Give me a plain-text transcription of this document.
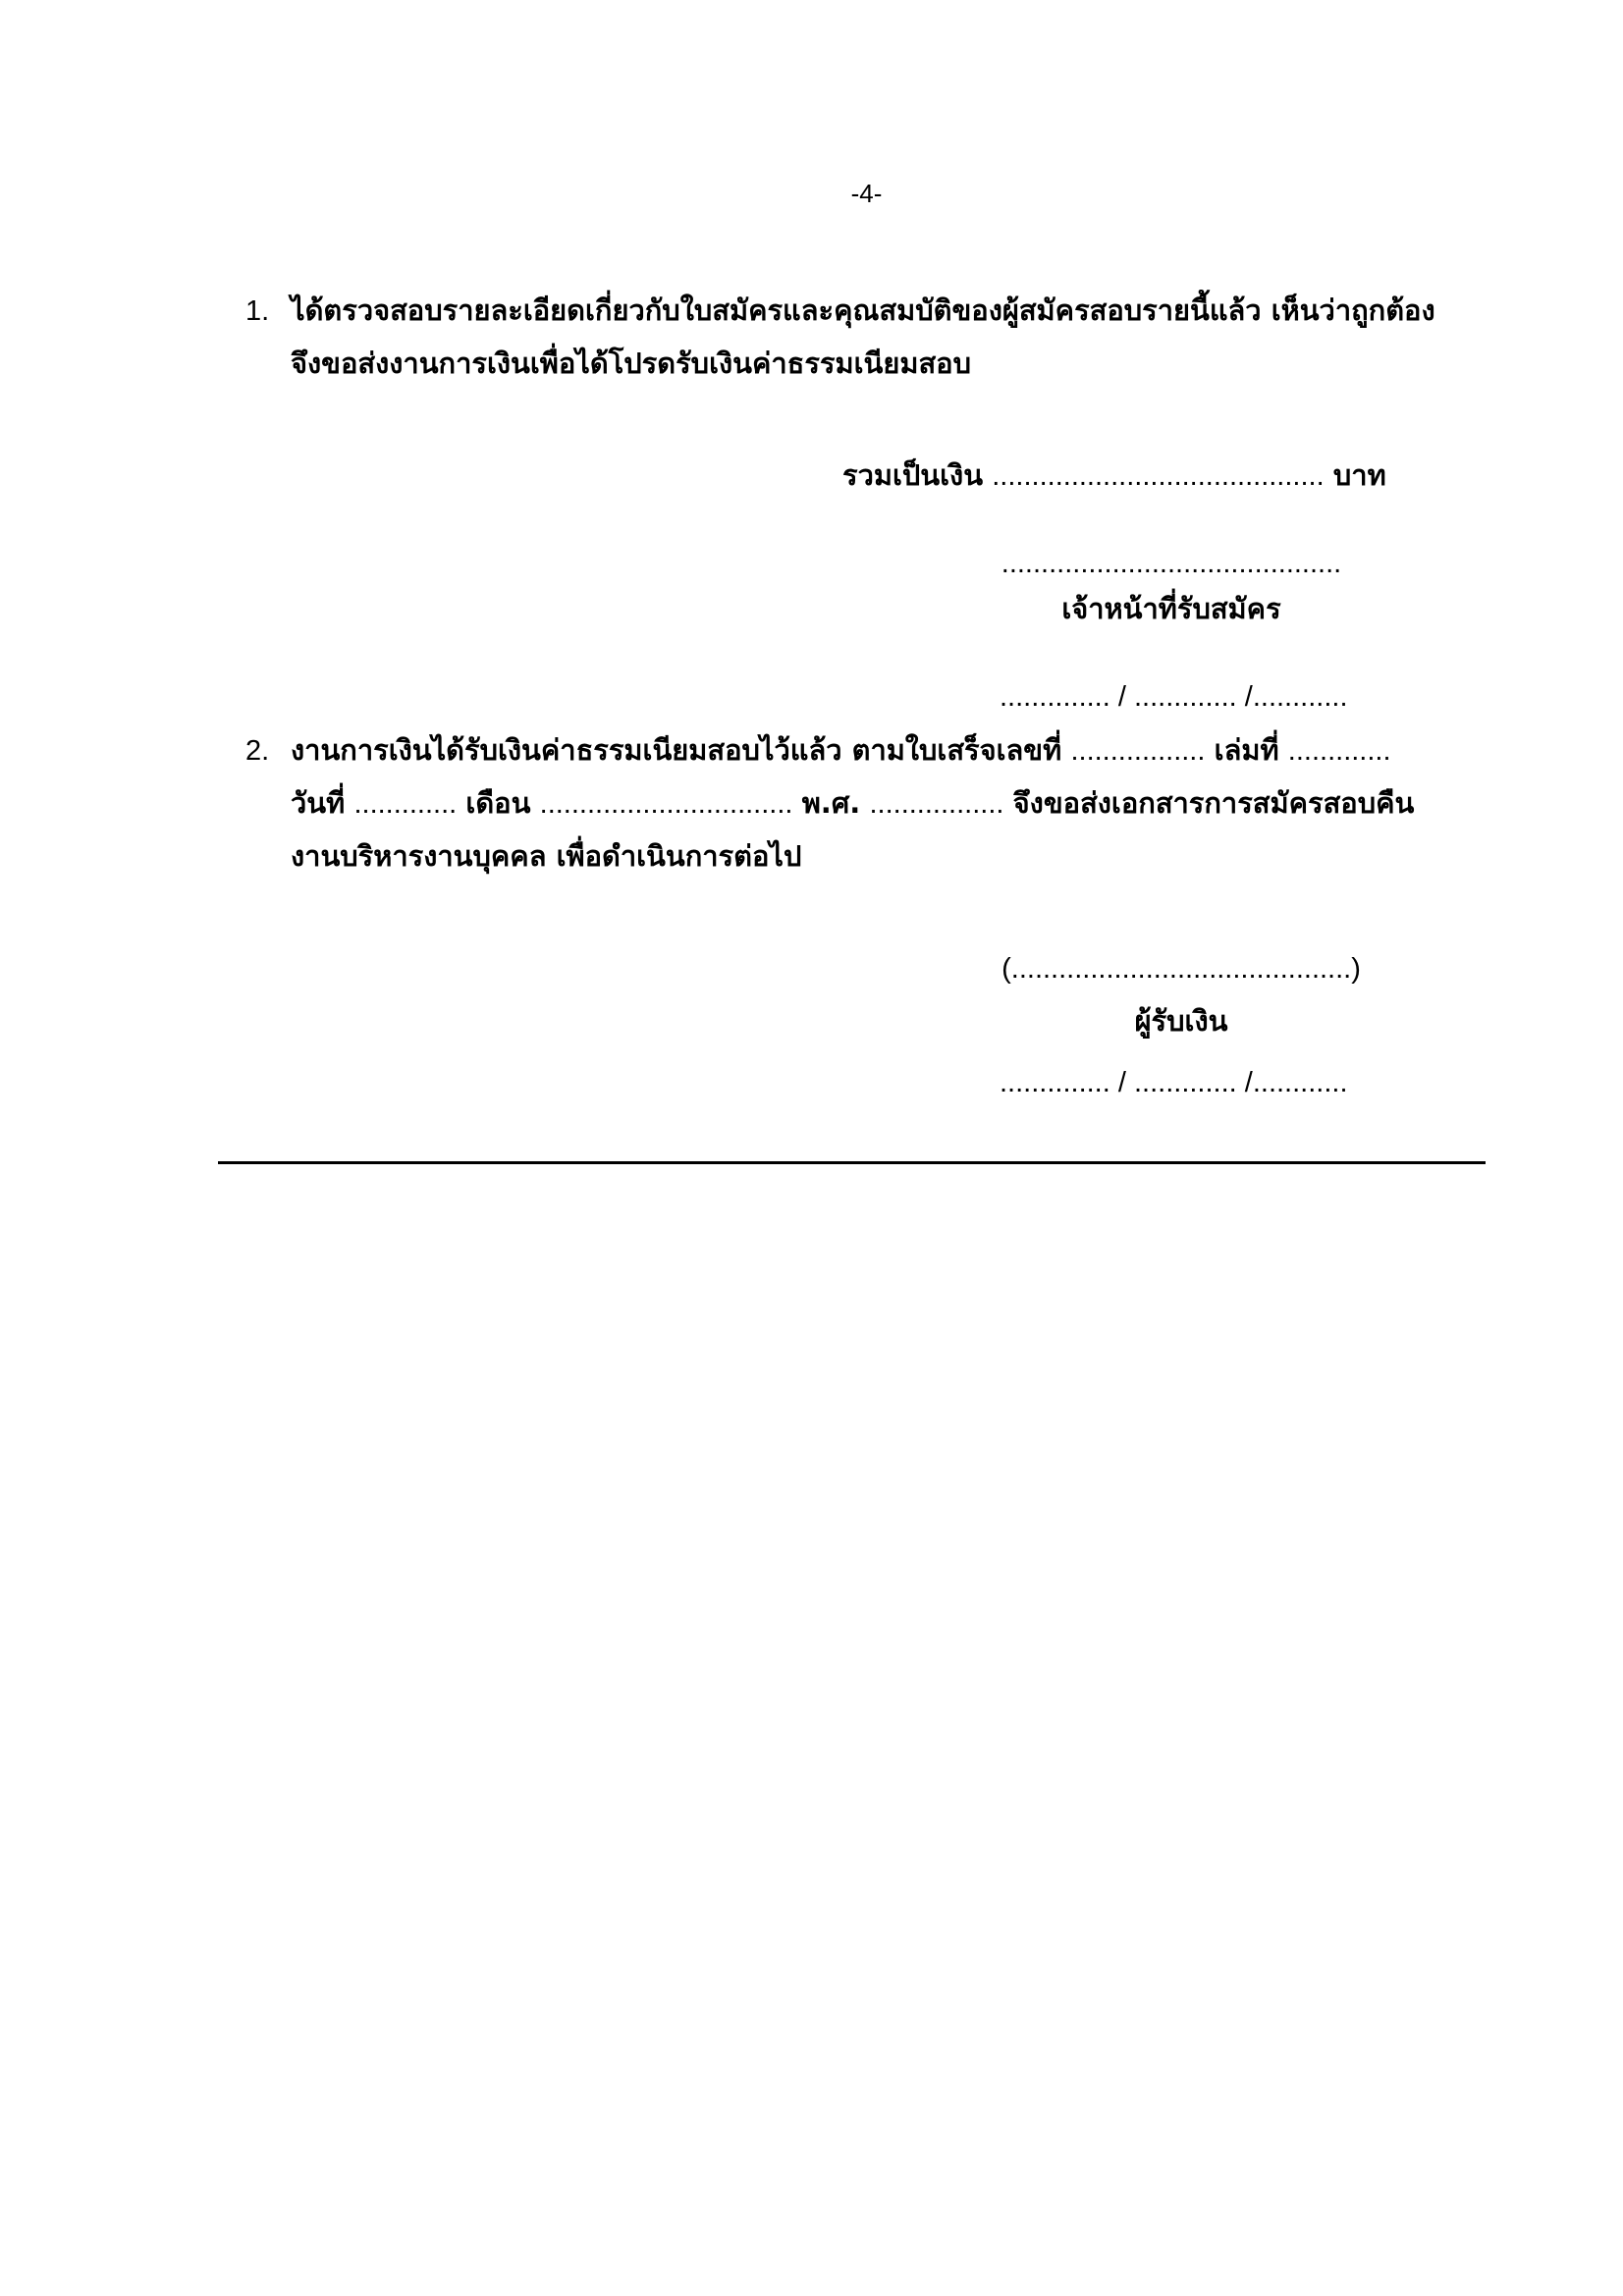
-4-
1. ได้ตรวจสอบรายละเอียดเกี่ยวกับใบสมัครและคุณสมบัติของผู้สมัครสอบรายนี้แล้ว เห็นว่าถูกต้อง
จึงขอส่งงานการเงินเพื่อได้โปรดรับเงินค่าธรรมเนียมสอบ
รวมเป็นเงิน .......................................... บาท
...........................................
เจ้าหน้าที่รับสมัคร
.............. / ............. /............
2. งานการเงินได้รับเงินค่าธรรมเนียมสอบไว้แล้ว ตามใบเสร็จเลขที่ ................. เล่มที่ .............
วันที่ ............. เดือน ................................ พ.ศ. ................. จึงขอส่งเอกสารการสมัครสอบคืน
งานบริหารงานบุคคล เพื่อดำเนินการต่อไป
(...........................................)
ผู้รับเงิน
.............. / ............. /............
